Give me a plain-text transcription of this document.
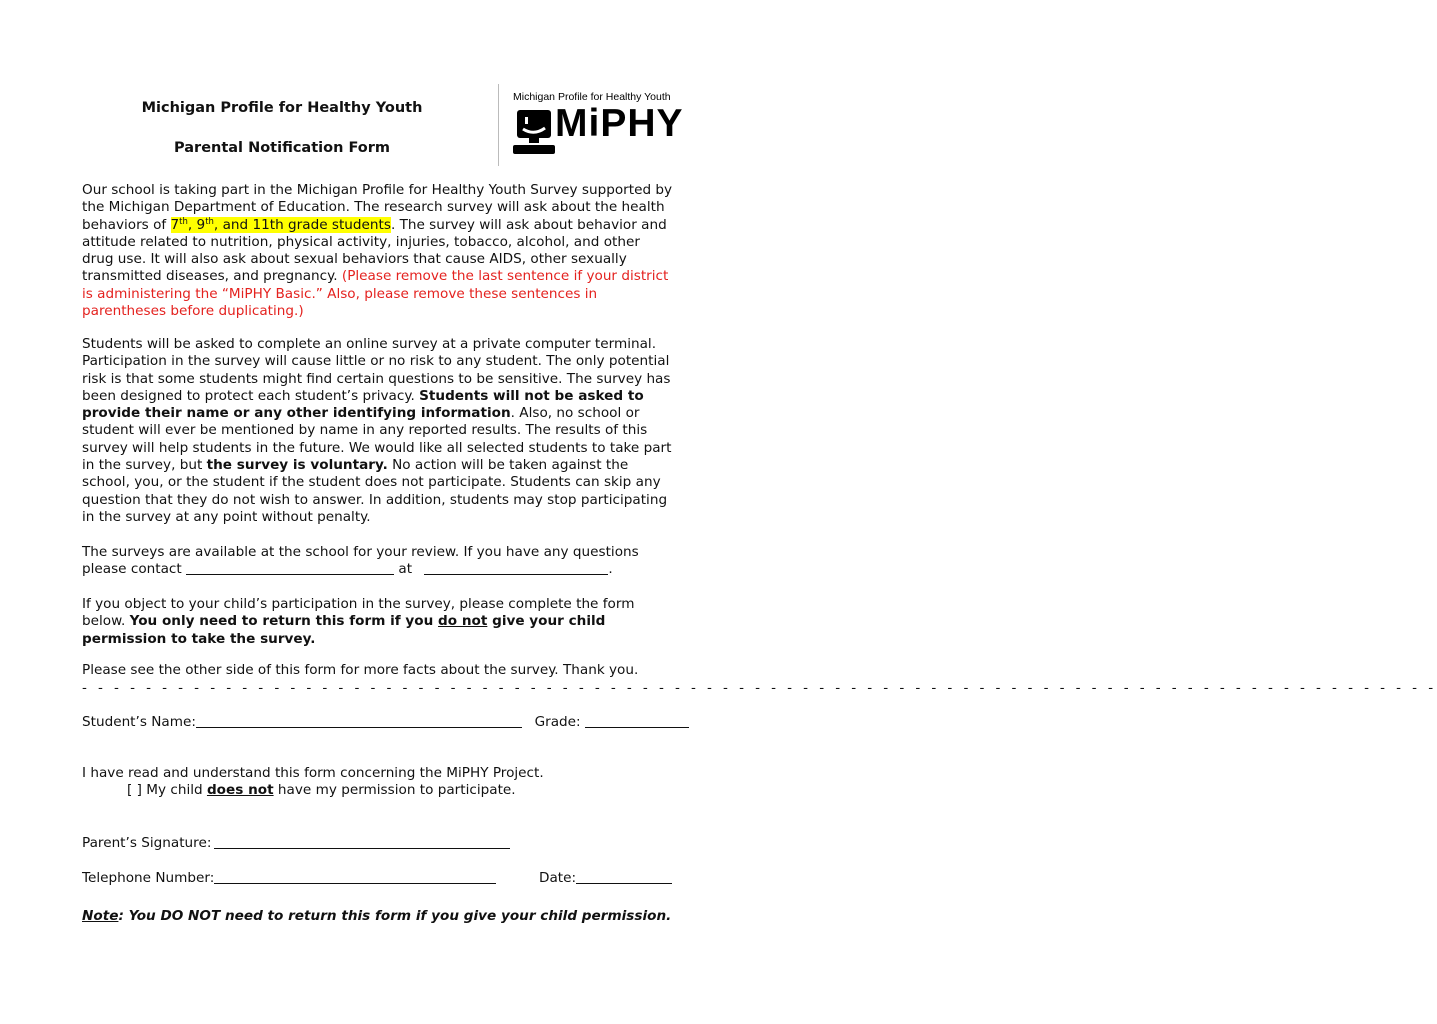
Michigan Profile for Healthy Youth
Parental Notification Form
Michigan Profile for Healthy Youth
MiPHY
Our school is taking part in the Michigan Profile for Healthy Youth Survey supported by
the Michigan Department of Education. The research survey will ask about the health
behaviors of 7th, 9th, and 11th grade students. The survey will ask about behavior and
attitude related to nutrition, physical activity, injuries, tobacco, alcohol, and other
drug use. It will also ask about sexual behaviors that cause AIDS, other sexually
transmitted diseases, and pregnancy. (Please remove the last sentence if your district
is administering the “MiPHY Basic.” Also, please remove these sentences in
parentheses before duplicating.)
Students will be asked to complete an online survey at a private computer terminal.
Participation in the survey will cause little or no risk to any student. The only potential
risk is that some students might find certain questions to be sensitive. The survey has
been designed to protect each student’s privacy. Students will not be asked to
provide their name or any other identifying information. Also, no school or
student will ever be mentioned by name in any reported results. The results of this
survey will help students in the future. We would like all selected students to take part
in the survey, but the survey is voluntary. No action will be taken against the
school, you, or the student if the student does not participate. Students can skip any
question that they do not wish to answer. In addition, students may stop participating
in the survey at any point without penalty.
The surveys are available at the school for your review. If you have any questions
please contact	at	.
If you object to your child’s participation in the survey, please complete the form
below. You only need to return this form if you do not give your child
permission to take the survey.
Please see the other side of this form for more facts about the survey. Thank you.
- - - - - - - - - - - - - - - - - - - - - - - - - - - - - - - - - - - - - - - - - - - - - - - - - - - - - - - - - - - - - - - - - - - - - - - - - - - - - - - - - - - - -
Student’s Name:	Grade:
I have read and understand this form concerning the MiPHY Project.
[ ] My child does not have my permission to participate.
Parent’s Signature:
Telephone Number:	Date:
Note: You DO NOT need to return this form if you give your child permission.
